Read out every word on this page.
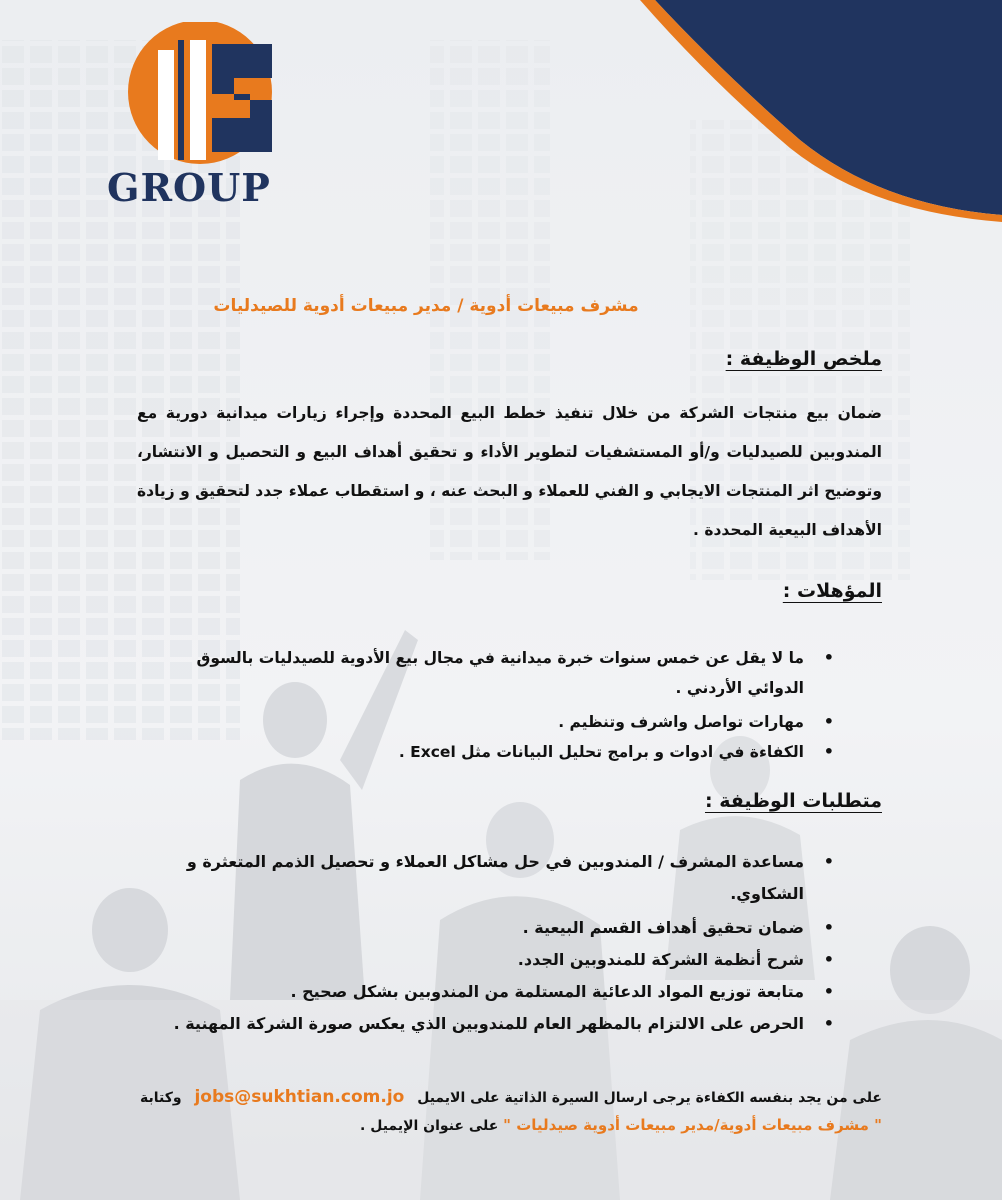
GROUP
مشرف مبيعات أدوية / مدير مبيعات أدوية للصيدليات
ملخص الوظيفة :
ضمان بيع منتجات الشركة من خلال تنفيذ خطط البيع المحددة وإجراء زيارات ميدانية دورية مع المندوبين للصيدليات و/أو المستشفيات لتطوير الأداء و تحقيق أهداف البيع و التحصيل و الانتشار، وتوضيح اثر المنتجات الايجابي و الفني للعملاء و البحث عنه ، و استقطاب عملاء جدد لتحقيق و زيادة الأهداف البيعية المحددة .
المؤهلات :
• ما لا يقل عن خمس سنوات خبرة ميدانية في مجال بيع الأدوية للصيدليات بالسوق الدوائي الأردني .
• مهارات تواصل واشرف وتنظيم .
• الكفاءة في ادوات و برامج تحليل البيانات مثل Excel .
متطلبات الوظيفة :
• مساعدة المشرف / المندوبين في حل مشاكل العملاء و تحصيل الذمم المتعثرة و الشكاوي.
• ضمان تحقيق أهداف القسم البيعية .
• شرح أنظمة الشركة للمندوبين الجدد.
• متابعة توزيع المواد الدعائية المستلمة من المندوبين بشكل صحيح .
• الحرص على الالتزام بالمظهر العام للمندوبين الذي يعكس صورة الشركة المهنية .
على من يجد بنفسه الكفاءة يرجى ارسال السيرة الذاتية على الايميل jobs@sukhtian.com.jo وكتابة
" مشرف مبيعات أدوية/مدير مبيعات أدوية صيدليات " على عنوان الإيميل .
